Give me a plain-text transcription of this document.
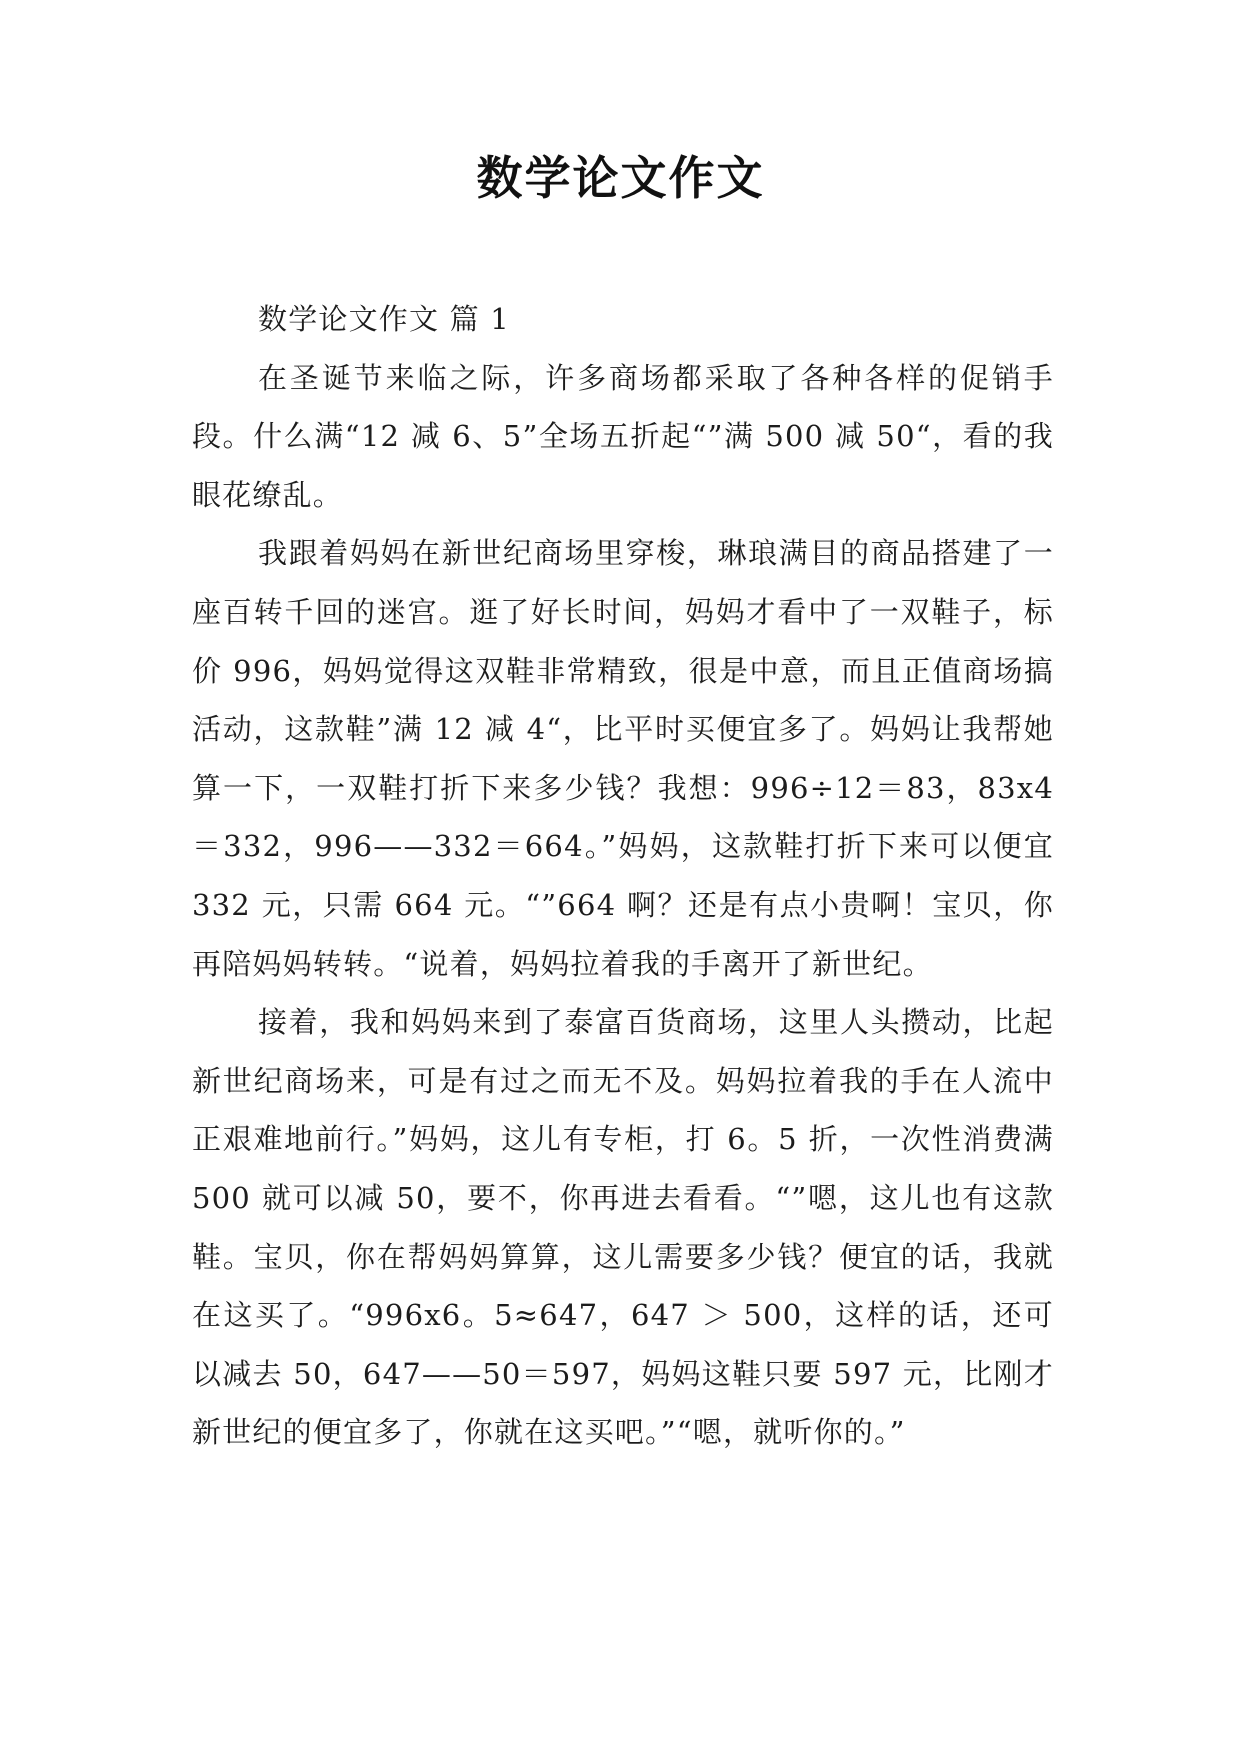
数学论文作文

数学论文作文 篇 1

在圣诞节来临之际，许多商场都采取了各种各样的促销手段。什么满“12 减 6、5”全场五折起“”满 500 减 50“，看的我眼花缭乱。

我跟着妈妈在新世纪商场里穿梭，琳琅满目的商品搭建了一座百转千回的迷宫。逛了好长时间，妈妈才看中了一双鞋子，标价 996，妈妈觉得这双鞋非常精致，很是中意，而且正值商场搞活动，这款鞋”满 12 减 4“，比平时买便宜多了。妈妈让我帮她算一下，一双鞋打折下来多少钱？我想：996÷12＝83，83x4＝332，996——332＝664。”妈妈，这款鞋打折下来可以便宜 332 元，只需 664 元。“”664 啊？还是有点小贵啊！宝贝，你再陪妈妈转转。“说着，妈妈拉着我的手离开了新世纪。

接着，我和妈妈来到了泰富百货商场，这里人头攒动，比起新世纪商场来，可是有过之而无不及。妈妈拉着我的手在人流中正艰难地前行。”妈妈，这儿有专柜，打 6。5 折，一次性消费满 500 就可以减 50，要不，你再进去看看。“”嗯，这儿也有这款鞋。宝贝，你在帮妈妈算算，这儿需要多少钱？便宜的话，我就在这买了。“996x6。5≈647，647 ＞ 500，这样的话，还可以减去 50，647——50＝597，妈妈这鞋只要 597 元，比刚才新世纪的便宜多了，你就在这买吧。”“嗯，就听你的。”
